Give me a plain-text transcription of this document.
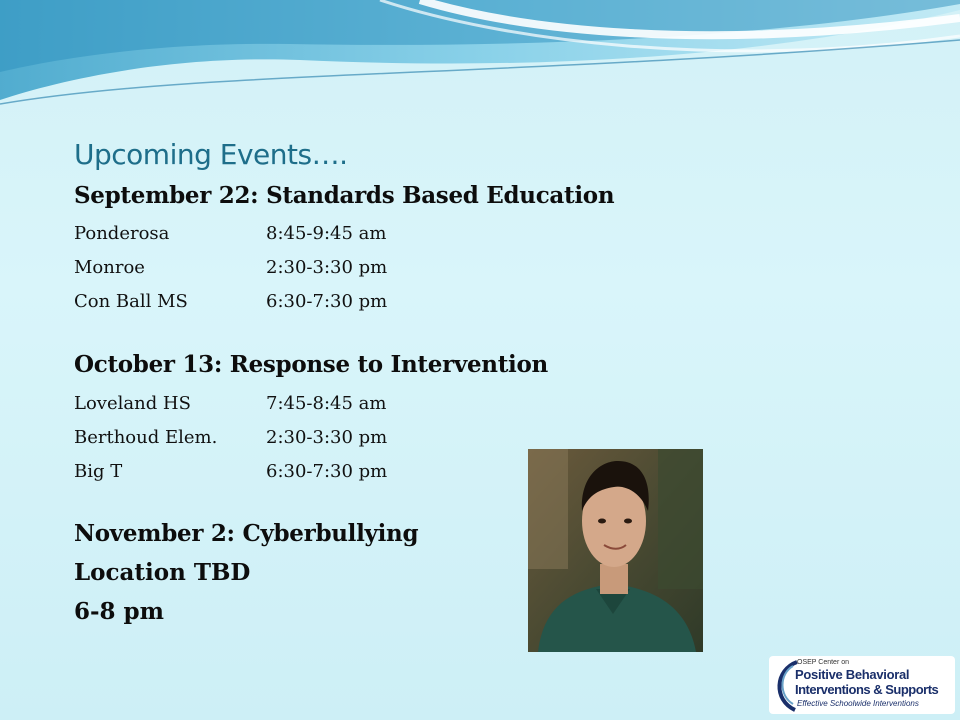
Upcoming Events….
September 22: Standards Based Education
Ponderosa	8:45-9:45 am
Monroe	2:30-3:30 pm
Con Ball MS	6:30-7:30 pm
October 13: Response to Intervention
Loveland HS	7:45-8:45 am
Berthoud Elem.	2:30-3:30 pm
Big T	6:30-7:30 pm
November 2: Cyberbullying
Location TBD
6-8 pm
OSEP Center on
Positive Behavioral
Interventions & Supports
Effective Schoolwide Interventions
